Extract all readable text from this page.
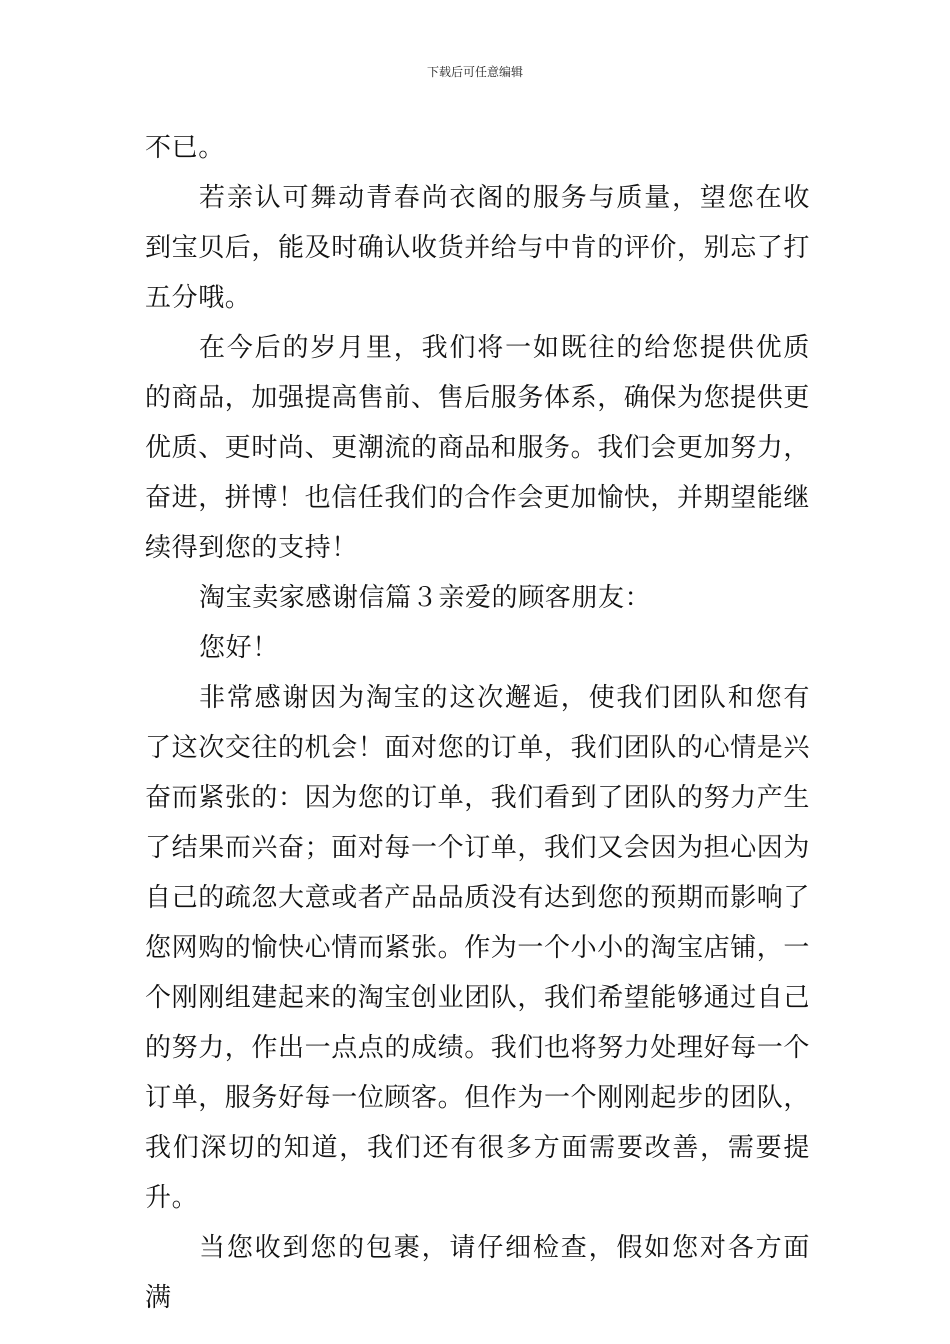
下载后可任意编辑

不已。

若亲认可舞动青春尚衣阁的服务与质量，望您在收到宝贝后，能及时确认收货并给与中肯的评价，别忘了打五分哦。

在今后的岁月里，我们将一如既往的给您提供优质的商品，加强提高售前、售后服务体系，确保为您提供更优质、更时尚、更潮流的商品和服务。我们会更加努力，奋进，拼博！也信任我们的合作会更加愉快，并期望能继续得到您的支持！

淘宝卖家感谢信篇３亲爱的顾客朋友：

您好！

非常感谢因为淘宝的这次邂逅，使我们团队和您有了这次交往的机会！面对您的订单，我们团队的心情是兴奋而紧张的：因为您的订单，我们看到了团队的努力产生了结果而兴奋；面对每一个订单，我们又会因为担心因为自己的疏忽大意或者产品品质没有达到您的预期而影响了您网购的愉快心情而紧张。作为一个小小的淘宝店铺，一个刚刚组建起来的淘宝创业团队，我们希望能够通过自己的努力，作出一点点的成绩。我们也将努力处理好每一个订单，服务好每一位顾客。但作为一个刚刚起步的团队，我们深切的知道，我们还有很多方面需要改善，需要提升。

当您收到您的包裹，请仔细检查，假如您对各方面满
